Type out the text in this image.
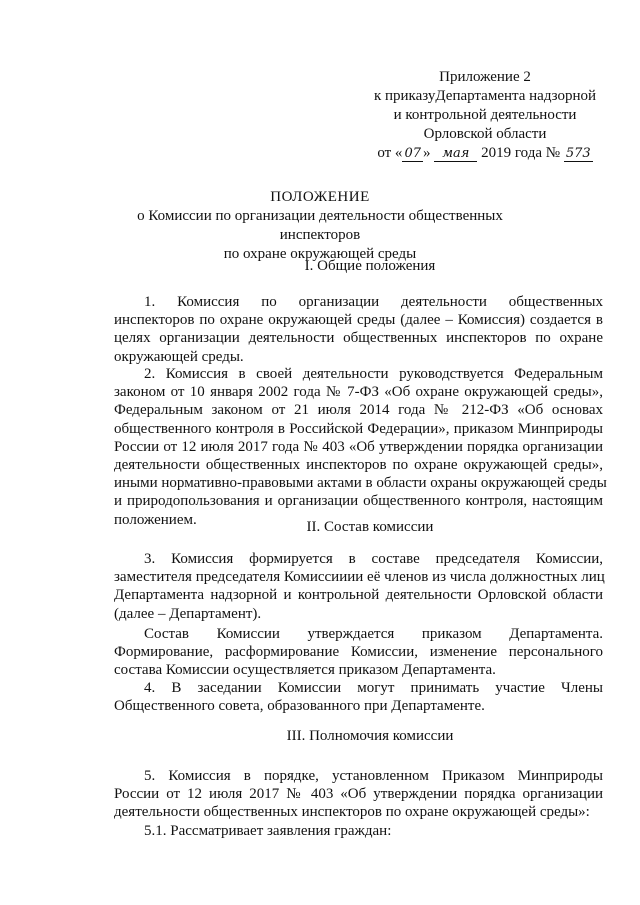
Приложение 2
к приказуДепартамента надзорной
и контрольной деятельности
Орловской области
от « 07 » мая 2019 года № 573
ПОЛОЖЕНИЕ
о Комиссии по организации деятельности общественных инспекторов
по охране окружающей среды
I. Общие положения
1. Комиссия по организации деятельности общественных
инспекторов по охране окружающей среды (далее – Комиссия) создается в
целях организации деятельности общественных инспекторов по охране
окружающей среды.
2. Комиссия в своей деятельности руководствуется Федеральным
законом от 10 января 2002 года № 7-ФЗ «Об охране окружающей среды»,
Федеральным законом от 21 июля 2014 года № 212-ФЗ «Об основах
общественного контроля в Российской Федерации», приказом Минприроды
России от 12 июля 2017 года № 403 «Об утверждении порядка организации
деятельности общественных инспекторов по охране окружающей среды»,
иными нормативно-правовыми актами в области охраны окружающей среды
и природопользования и организации общественного контроля, настоящим
положением.	II. Состав комиссии
3. Комиссия формируется в составе председателя Комиссии,
заместителя председателя Комиссииии её членов из числа должностных лиц
Департамента надзорной и контрольной деятельности Орловской области
(далее – Департамент).
Состав Комиссии утверждается приказом Департамента.
Формирование, расформирование Комиссии, изменение персонального
состава Комиссии осуществляется приказом Департамента.
4. В заседании Комиссии могут принимать участие Члены
Общественного совета, образованного при Департаменте.
III. Полномочия комиссии
5. Комиссия в порядке, установленном Приказом Минприроды
России от 12 июля 2017 № 403 «Об утверждении порядка организации
деятельности общественных инспекторов по охране окружающей среды»:
5.1. Рассматривает заявления граждан:
